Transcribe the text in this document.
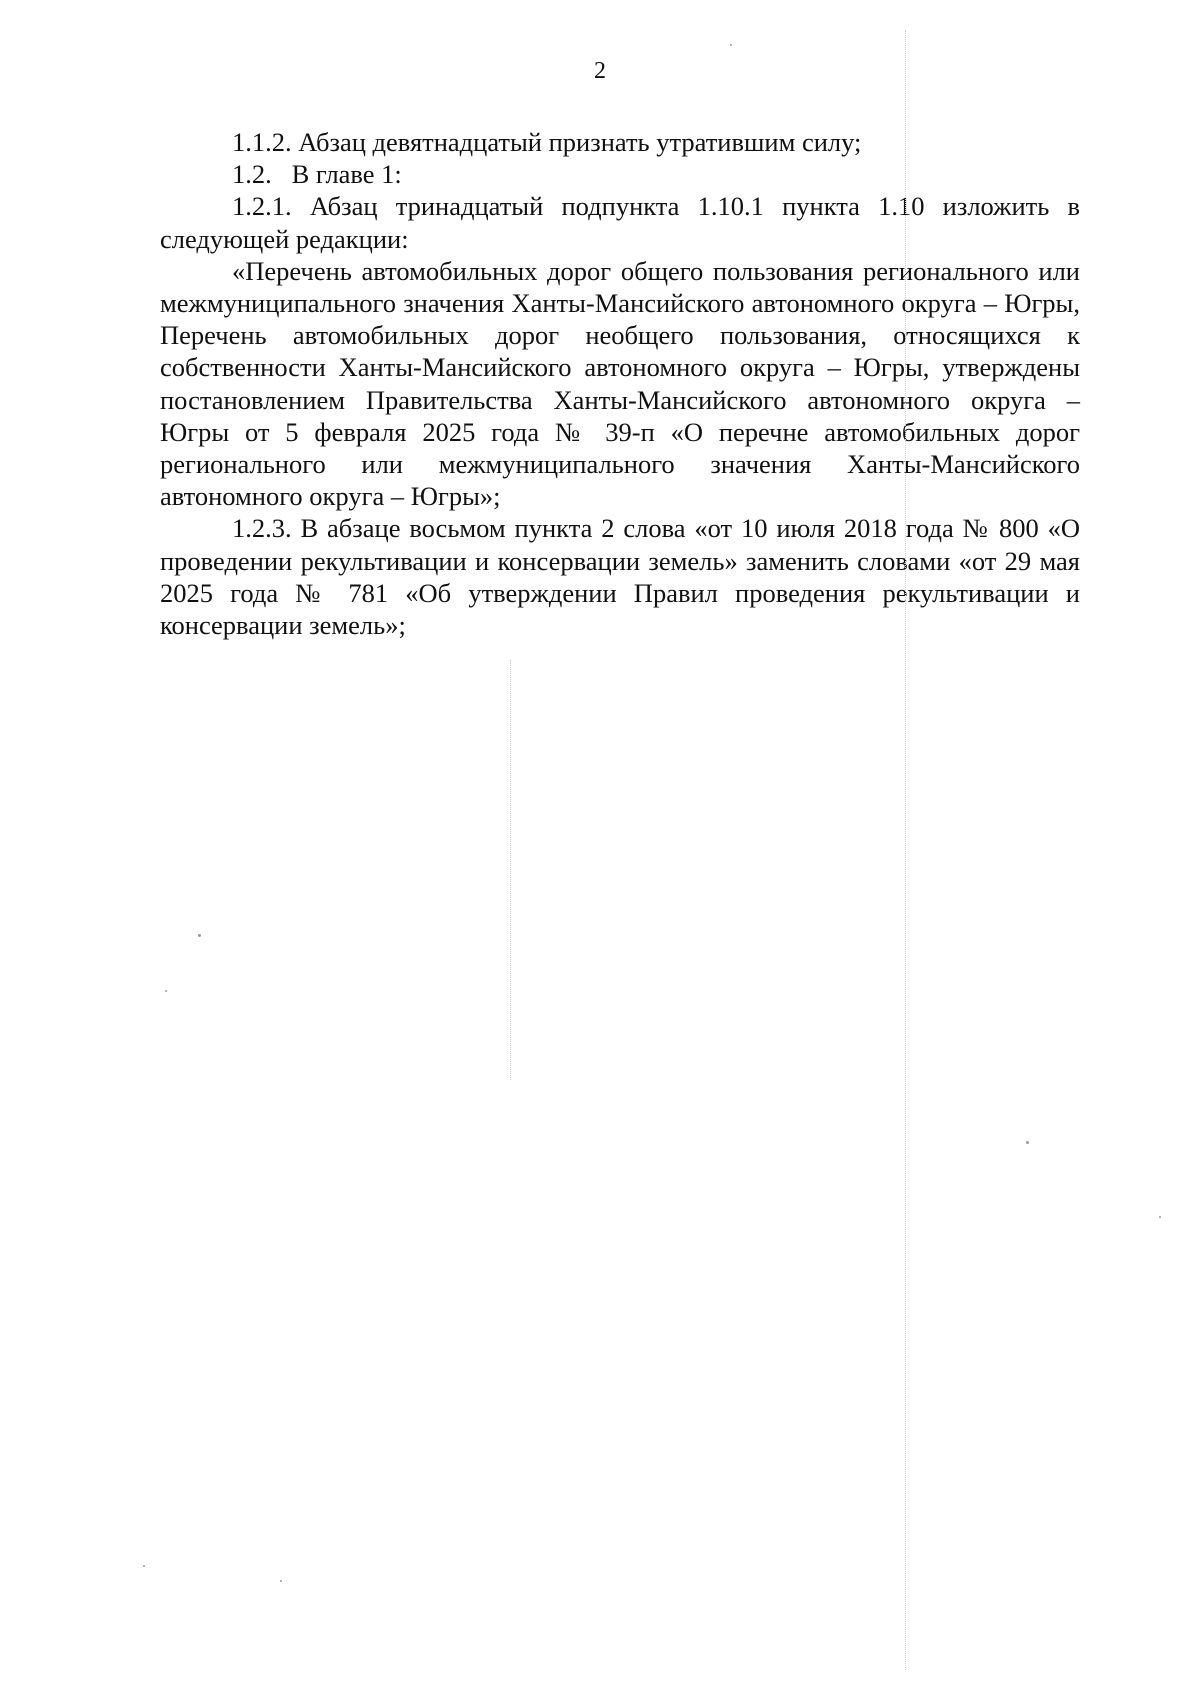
2

1.1.2. Абзац девятнадцатый признать утратившим силу;

1.2.   В главе 1:

1.2.1. Абзац тринадцатый подпункта 1.10.1 пункта 1.10 изложить в следующей редакции:

«Перечень автомобильных дорог общего пользования регионального или межмуниципального значения Ханты-Мансийского автономного округа – Югры, Перечень автомобильных дорог необщего пользования, относящихся к собственности Ханты-Мансийского автономного округа – Югры, утверждены постановлением Правительства Ханты-Мансийского автономного округа – Югры от 5 февраля 2025 года № 39-п «О перечне автомобильных дорог регионального или межмуниципального значения Ханты-Мансийского автономного округа – Югры»;

1.2.3. В абзаце восьмом пункта 2 слова «от 10 июля 2018 года № 800 «О проведении рекультивации и консервации земель» заменить словами «от 29 мая 2025 года № 781 «Об утверждении Правил проведения рекультивации и консервации земель»;
